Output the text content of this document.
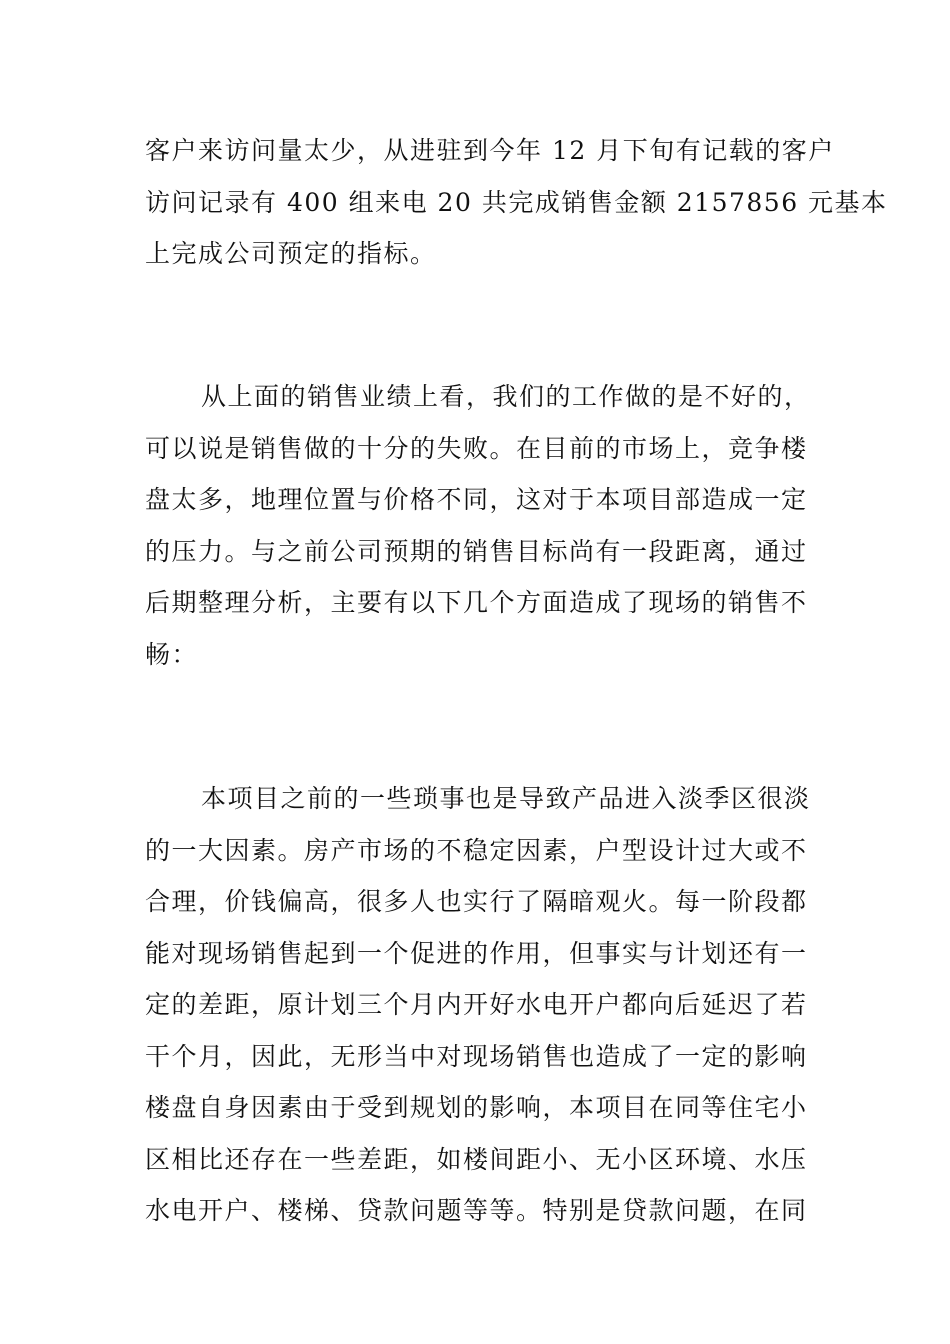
客户来访问量太少，从进驻到今年 12 月下旬有记载的客户
访问记录有 400 组来电 20 共完成销售金额 2157856 元基本
上完成公司预定的指标。

从上面的销售业绩上看，我们的工作做的是不好的，
可以说是销售做的十分的失败。在目前的市场上，竞争楼
盘太多，地理位置与价格不同，这对于本项目部造成一定
的压力。与之前公司预期的销售目标尚有一段距离，通过
后期整理分析，主要有以下几个方面造成了现场的销售不
畅：

本项目之前的一些琐事也是导致产品进入淡季区很淡
的一大因素。房产市场的不稳定因素，户型设计过大或不
合理，价钱偏高，很多人也实行了隔暗观火。每一阶段都
能对现场销售起到一个促进的作用，但事实与计划还有一
定的差距，原计划三个月内开好水电开户都向后延迟了若
干个月，因此，无形当中对现场销售也造成了一定的影响
楼盘自身因素由于受到规划的影响，本项目在同等住宅小
区相比还存在一些差距，如楼间距小、无小区环境、水压
水电开户、楼梯、贷款问题等等。特别是贷款问题，在同
